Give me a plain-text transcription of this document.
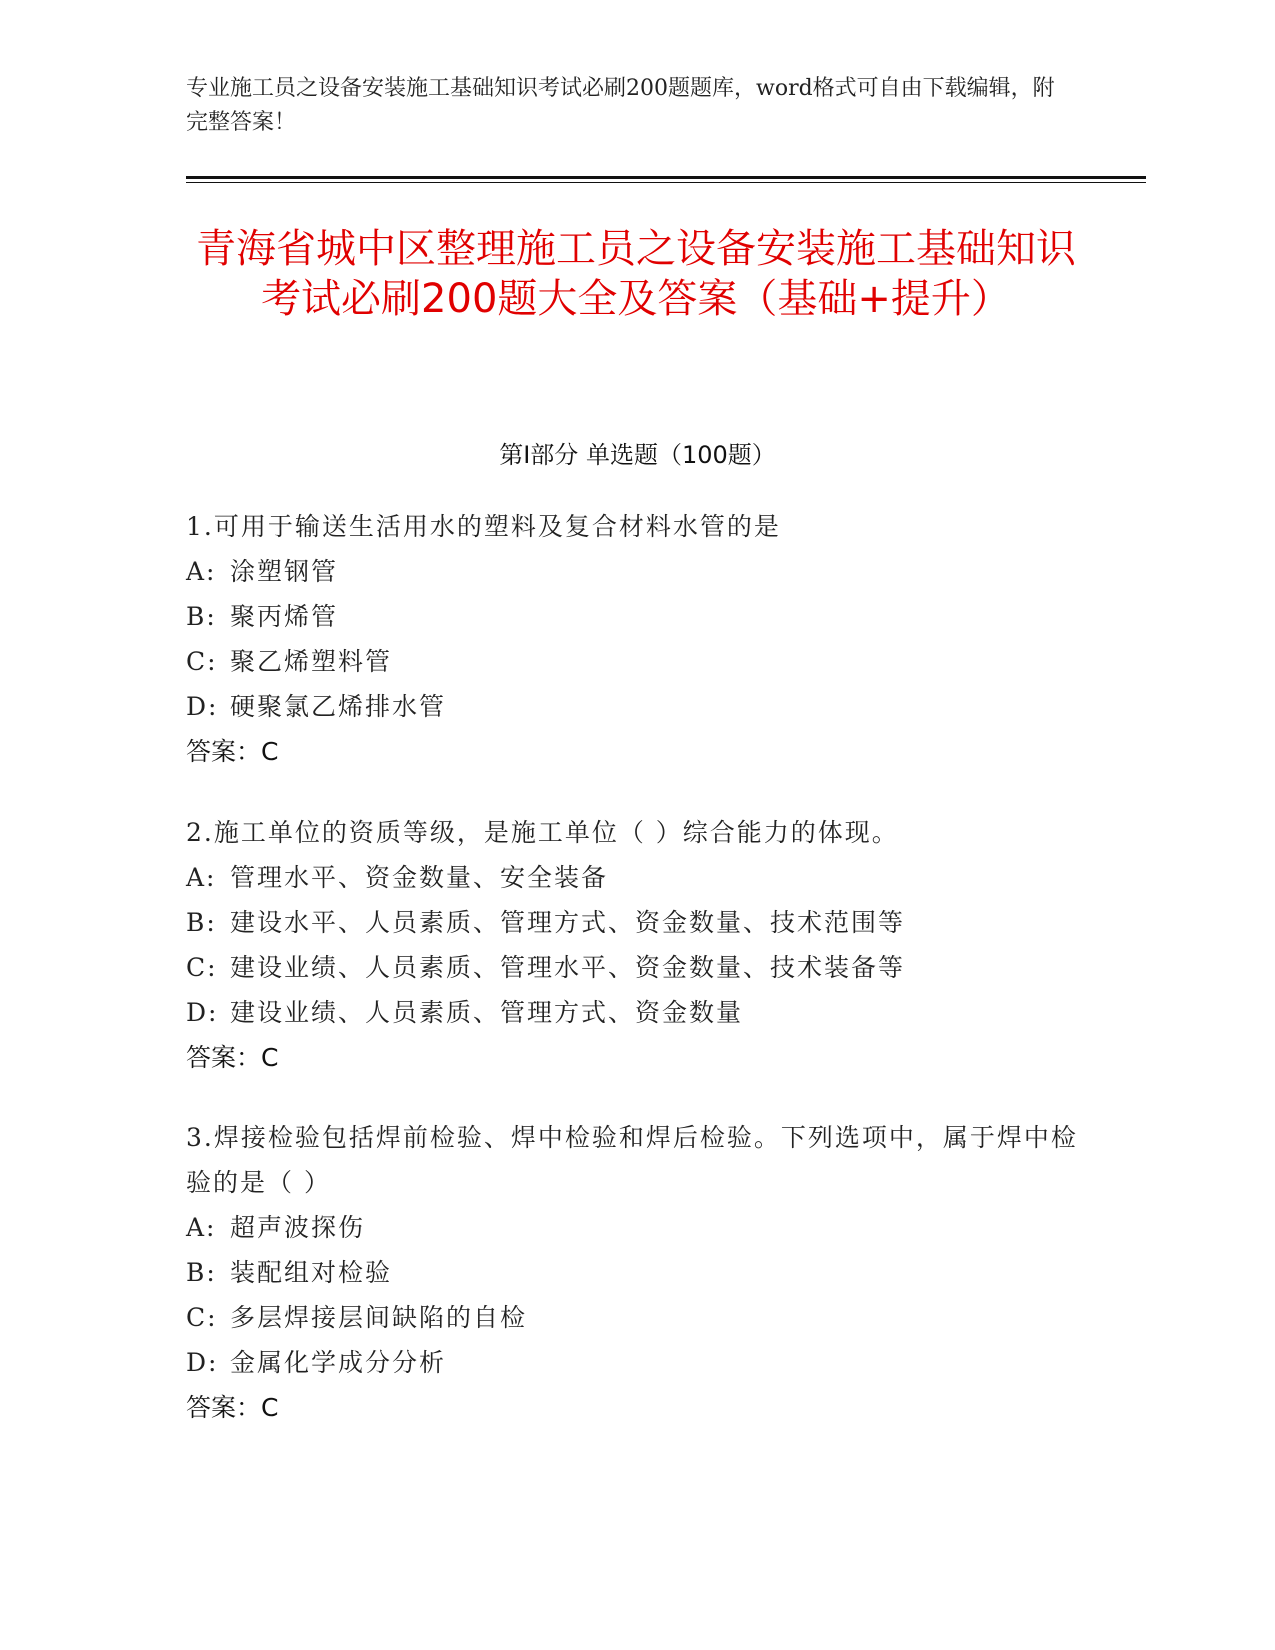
专业施工员之设备安装施工基础知识考试必刷200题题库，word格式可自由下载编辑，附完整答案！
青海省城中区整理施工员之设备安装施工基础知识考试必刷200题大全及答案（基础+提升）
第I部分 单选题（100题）
1.可用于输送生活用水的塑料及复合材料水管的是
A: 涂塑钢管
B: 聚丙烯管
C: 聚乙烯塑料管
D: 硬聚氯乙烯排水管
答案：C
2.施工单位的资质等级，是施工单位（ ）综合能力的体现。
A: 管理水平、资金数量、安全装备
B: 建设水平、人员素质、管理方式、资金数量、技术范围等
C: 建设业绩、人员素质、管理水平、资金数量、技术装备等
D: 建设业绩、人员素质、管理方式、资金数量
答案：C
3.焊接检验包括焊前检验、焊中检验和焊后检验。下列选项中，属于焊中检验的是（ ）
A: 超声波探伤
B: 装配组对检验
C: 多层焊接层间缺陷的自检
D: 金属化学成分分析
答案：C
